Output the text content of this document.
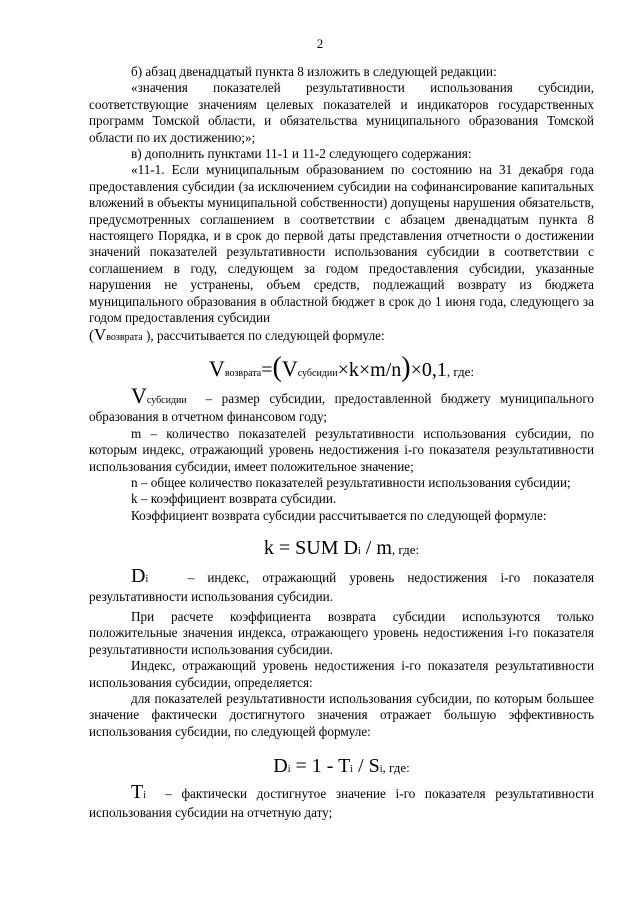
2

б) абзац двенадцатый пункта 8 изложить в следующей редакции:

«значения показателей результативности использования субсидии, соответствующие значениям целевых показателей и индикаторов государственных программ Томской области, и обязательства муниципального образования Томской области по их достижению;»;

в) дополнить пунктами 11-1 и 11-2 следующего содержания:

«11-1. Если муниципальным образованием по состоянию на 31 декабря года предоставления субсидии (за исключением субсидии на софинансирование капитальных вложений в объекты муниципальной собственности) допущены нарушения обязательств, предусмотренных соглашением в соответствии с абзацем двенадцатым пункта 8 настоящего Порядка, и в срок до первой даты представления отчетности о достижении значений показателей результативности использования субсидии в соответствии с соглашением в году, следующем за годом предоставления субсидии, указанные нарушения не устранены, объем средств, подлежащий возврату из бюджета муниципального образования в областной бюджет в срок до 1 июня года, следующего за годом предоставления субсидии
(Vвозврата ), рассчитывается по следующей формуле:

Vвозврата=(Vсубсидии×k×m/n)×0,1, где:

Vсубсидии – размер субсидии, предоставленной бюджету муниципального образования в отчетном финансовом году;

m – количество показателей результативности использования субсидии, по которым индекс, отражающий уровень недостижения i-го показателя результативности использования субсидии, имеет положительное значение;

n – общее количество показателей результативности использования субсидии;

k – коэффициент возврата субсидии.

Коэффициент возврата субсидии рассчитывается по следующей формуле:

k = SUM Di / m, где:

Di	– индекс, отражающий уровень недостижения i-го показателя результативности использования субсидии.

При расчете коэффициента возврата субсидии используются только положительные значения индекса, отражающего уровень недостижения i-го показателя результативности использования субсидии.

Индекс, отражающий уровень недостижения i-го показателя результативности использования субсидии, определяется:

для показателей результативности использования субсидии, по которым большее значение фактически достигнутого значения отражает большую эффективность использования субсидии, по следующей формуле:

Di = 1 - Ti / Si, где:

Ti – фактически достигнутое значение i-го показателя результативности использования субсидии на отчетную дату;
